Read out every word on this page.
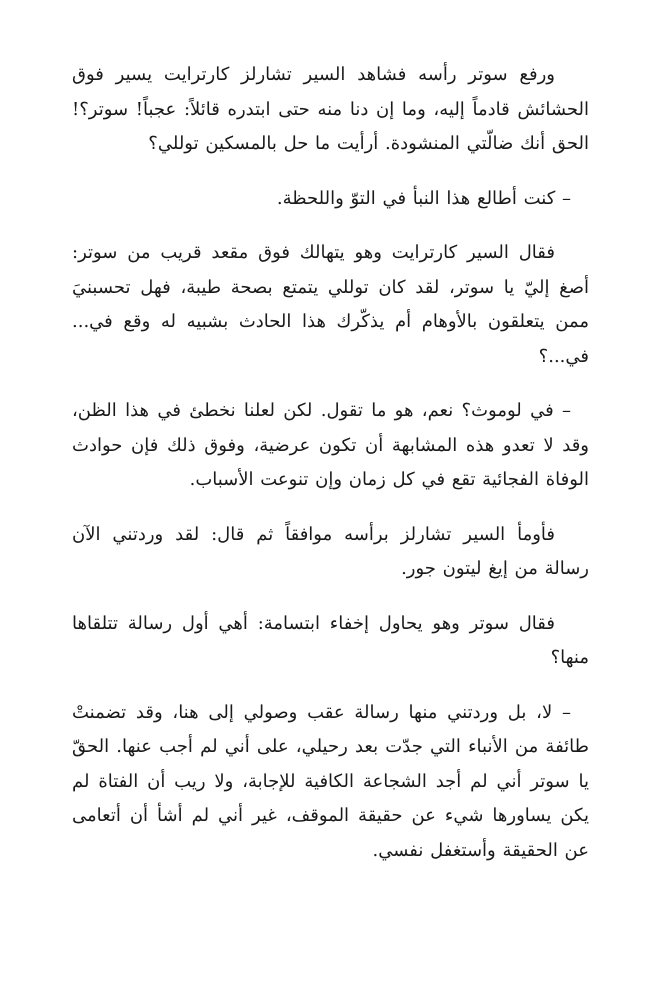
ورفع سوتر رأسه فشاهد السير تشارلز كارترايت يسير فوق الحشائش قادماً إليه، وما إن دنا منه حتى ابتدره قائلاً: عجباً! سوتر؟! الحق أنك ضالّتي المنشودة. أرأيت ما حل بالمسكين توللي؟

– كنت أطالع هذا النبأ في التوّ واللحظة.

فقال السير كارترايت وهو يتهالك فوق مقعد قريب من سوتر: أصغ إليّ يا سوتر، لقد كان توللي يتمتع بصحة طيبة، فهل تحسبنيَ ممن يتعلقون بالأوهام أم يذكّرك هذا الحادث بشبيه له وقع في... في...؟

– في لوموث؟ نعم، هو ما تقول. لكن لعلنا نخطئ في هذا الظن، وقد لا تعدو هذه المشابهة أن تكون عرضية، وفوق ذلك فإن حوادث الوفاة الفجائية تقع في كل زمان وإن تنوعت الأسباب.

فأومأ السير تشارلز برأسه موافقاً ثم قال: لقد وردتني الآن رسالة من إيغ ليتون جور.

فقال سوتر وهو يحاول إخفاء ابتسامة: أهي أول رسالة تتلقاها منها؟

– لا، بل وردتني منها رسالة عقب وصولي إلى هنا، وقد تضمنتْ طائفة من الأنباء التي جدّت بعد رحيلي، على أني لم أجب عنها. الحقّ يا سوتر أني لم أجد الشجاعة الكافية للإجابة، ولا ريب أن الفتاة لم يكن يساورها شيء عن حقيقة الموقف، غير أني لم أشأ أن أتعامى عن الحقيقة وأستغفل نفسي.
